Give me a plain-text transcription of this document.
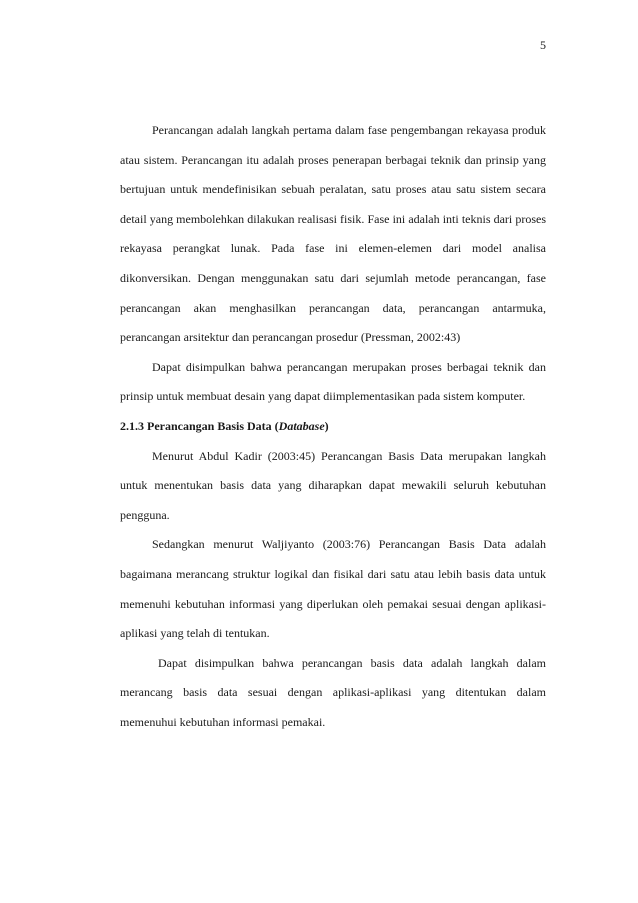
5

Perancangan adalah langkah pertama dalam fase pengembangan rekayasa produk atau sistem. Perancangan itu adalah proses penerapan berbagai teknik dan prinsip yang bertujuan untuk mendefinisikan sebuah peralatan, satu proses atau satu sistem secara detail yang membolehkan dilakukan realisasi fisik. Fase ini adalah inti teknis dari proses rekayasa perangkat lunak. Pada fase ini elemen-elemen dari model analisa dikonversikan. Dengan menggunakan satu dari sejumlah metode perancangan, fase perancangan akan menghasilkan perancangan data, perancangan antarmuka, perancangan arsitektur dan perancangan prosedur (Pressman, 2002:43)

Dapat disimpulkan bahwa perancangan merupakan proses berbagai teknik dan prinsip untuk membuat desain yang dapat diimplementasikan pada sistem komputer.

2.1.3 Perancangan Basis Data (Database)

Menurut Abdul Kadir (2003:45) Perancangan Basis Data merupakan langkah untuk menentukan basis data yang diharapkan dapat mewakili seluruh kebutuhan pengguna.

Sedangkan menurut Waljiyanto (2003:76) Perancangan Basis Data adalah bagaimana merancang struktur logikal dan fisikal dari satu atau lebih basis data untuk memenuhi kebutuhan informasi yang diperlukan oleh pemakai sesuai dengan aplikasi-aplikasi yang telah di tentukan.

Dapat disimpulkan bahwa perancangan basis data adalah langkah dalam merancang basis data sesuai dengan aplikasi-aplikasi yang ditentukan dalam memenuhui kebutuhan informasi pemakai.
